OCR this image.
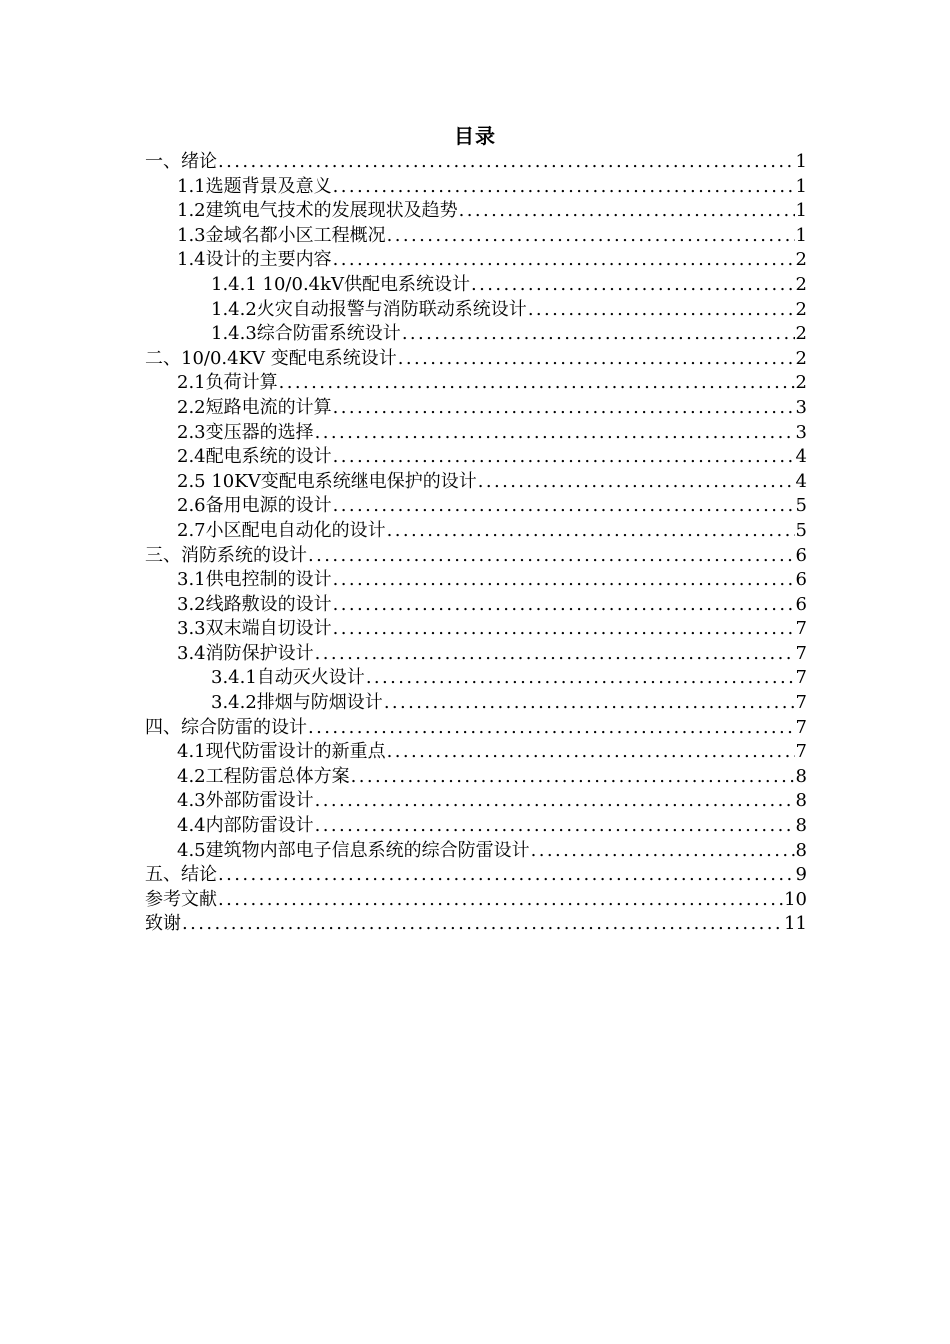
目录
一、绪论 .....	1
1.1选题背景及意义 .....	1
1.2建筑电气技术的发展现状及趋势 .....	1
1.3金域名都小区工程概况 .....	1
1.4设计的主要内容 .....	2
1.4.1 10/0.4kV供配电系统设计 .....	2
1.4.2火灾自动报警与消防联动系统设计 .....	2
1.4.3综合防雷系统设计 .....	2
二、10/0.4KV 变配电系统设计 .....	2
2.1负荷计算 .....	2
2.2短路电流的计算 .....	3
2.3变压器的选择 .....	3
2.4配电系统的设计 .....	4
2.5 10KV变配电系统继电保护的设计 .....	4
2.6备用电源的设计 .....	5
2.7小区配电自动化的设计 .....	5
三、消防系统的设计 .....	6
3.1供电控制的设计 .....	6
3.2线路敷设的设计 .....	6
3.3双末端自切设计 .....	7
3.4消防保护设计 .....	7
3.4.1自动灭火设计 .....	7
3.4.2排烟与防烟设计 .....	7
四、综合防雷的设计 .....	7
4.1现代防雷设计的新重点 .....	7
4.2工程防雷总体方案 .....	8
4.3外部防雷设计 .....	8
4.4内部防雷设计 .....	8
4.5建筑物内部电子信息系统的综合防雷设计 .....	8
五、结论 .....	9
参考文献 .....	10
致谢 .....	11
